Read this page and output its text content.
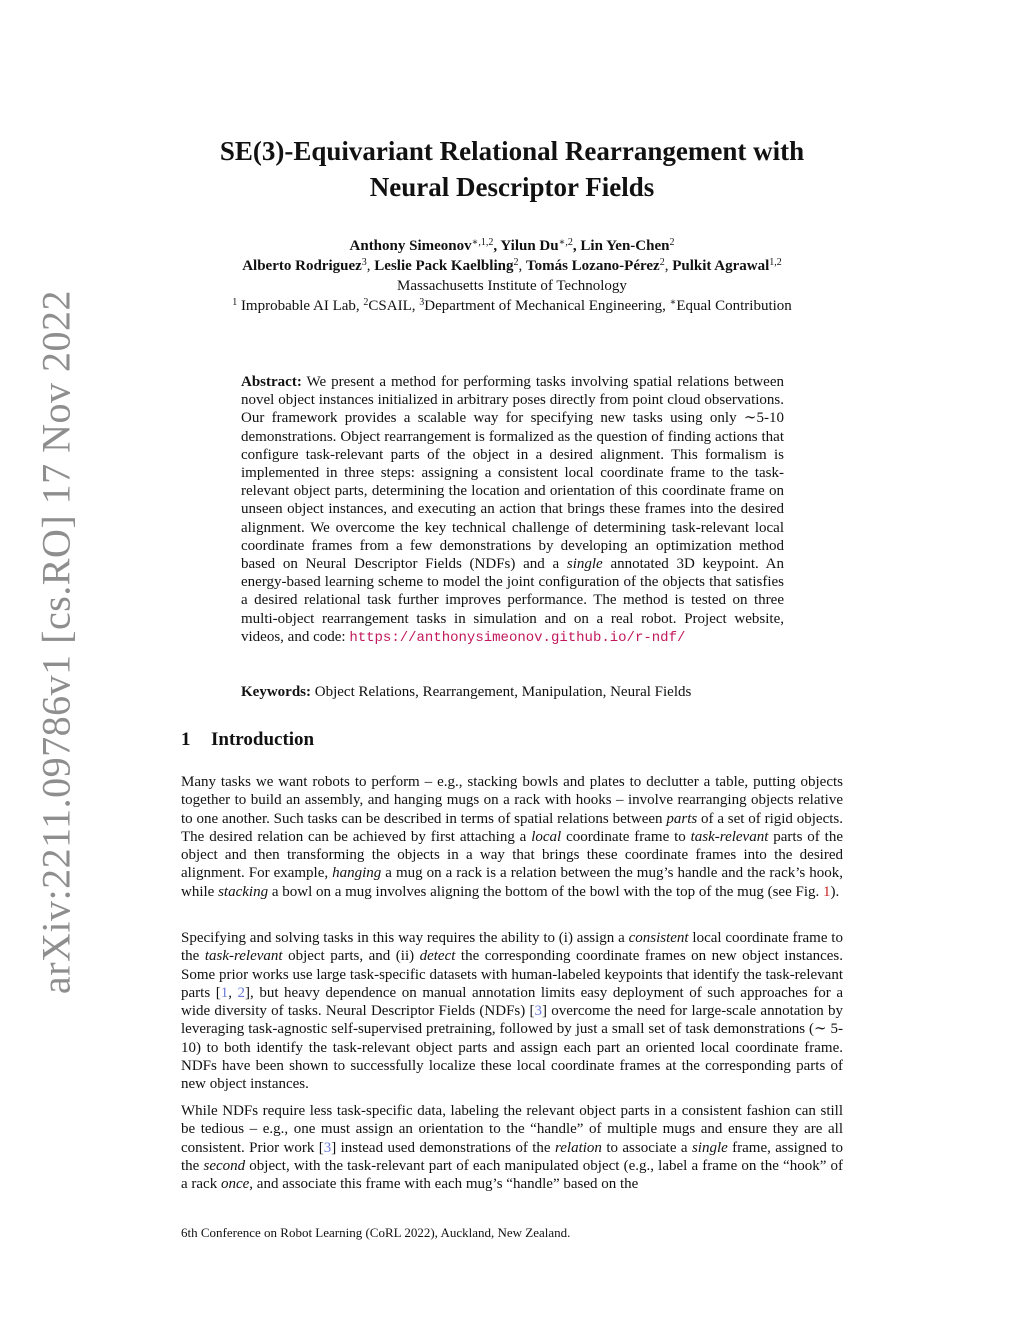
arXiv:2211.09786v1 [cs.RO] 17 Nov 2022
SE(3)-Equivariant Relational Rearrangement with
Neural Descriptor Fields
Anthony Simeonov$^{∗,1,2}$, Yilun $Du^{∗,2}$, Lin Yen-Chen$^2$
Alberto Rodriguez$^3$, Leslie Pack Kaelbling$^2$, Tomás Lozano-Pérez$^2$, Pulkit Agrawal$^{1,2}$
Massachusetts Institute of Technology
$^1$ Improbable AI Lab, $^2$CSAIL, $^3$Department of Mechanical Engineering, ∗Equal Contribution
Abstract: We present a method for performing tasks involving spatial relations between novel object instances initialized in arbitrary poses directly from point cloud observations. Our framework provides a scalable way for specifying new tasks using only ∼5-10 demonstrations. Object rearrangement is formalized as the question of finding actions that configure task-relevant parts of the object in a desired alignment. This formalism is implemented in three steps: assigning a consistent local coordinate frame to the task-relevant object parts, determining the location and orientation of this coordinate frame on unseen object instances, and executing an action that brings these frames into the desired alignment. We overcome the key technical challenge of determining task-relevant local coordinate frames from a few demonstrations by developing an optimization method based on Neural Descriptor Fields (NDFs) and a single annotated 3D keypoint. An energy-based learning scheme to model the joint configuration of the objects that satisfies a desired relational task further improves performance. The method is tested on three multi-object rearrangement tasks in simulation and on a real robot. Project website, videos, and code: https://anthonysimeonov.github.io/r-ndf/
Keywords: Object Relations, Rearrangement, Manipulation, Neural Fields
1 Introduction
Many tasks we want robots to perform – e.g., stacking bowls and plates to declutter a table, putting objects together to build an assembly, and hanging mugs on a rack with hooks – involve rearranging objects relative to one another. Such tasks can be described in terms of spatial relations between parts of a set of rigid objects. The desired relation can be achieved by first attaching a local coordinate frame to task-relevant parts of the object and then transforming the objects in a way that brings these coordinate frames into the desired alignment. For example, hanging a mug on a rack is a relation between the mug’s handle and the rack’s hook, while stacking a bowl on a mug involves aligning the bottom of the bowl with the top of the mug (see Fig. 1).
Specifying and solving tasks in this way requires the ability to (i) assign a consistent local coordinate frame to the task-relevant object parts, and (ii) detect the corresponding coordinate frames on new object instances. Some prior works use large task-specific datasets with human-labeled keypoints that identify the task-relevant parts [1, 2], but heavy dependence on manual annotation limits easy deployment of such approaches for a wide diversity of tasks. Neural Descriptor Fields (NDFs) [3] overcome the need for large-scale annotation by leveraging task-agnostic self-supervised pretraining, followed by just a small set of task demonstrations (∼ 5-10) to both identify the task-relevant object parts and assign each part an oriented local coordinate frame. NDFs have been shown to successfully localize these local coordinate frames at the corresponding parts of new object instances.
While NDFs require less task-specific data, labeling the relevant object parts in a consistent fashion can still be tedious – e.g., one must assign an orientation to the “handle” of multiple mugs and ensure they are all consistent. Prior work [3] instead used demonstrations of the relation to associate a single frame, assigned to the second object, with the task-relevant part of each manipulated object (e.g., label a frame on the “hook” of a rack once, and associate this frame with each mug’s “handle” based on the
6th Conference on Robot Learning (CoRL 2022), Auckland, New Zealand.
